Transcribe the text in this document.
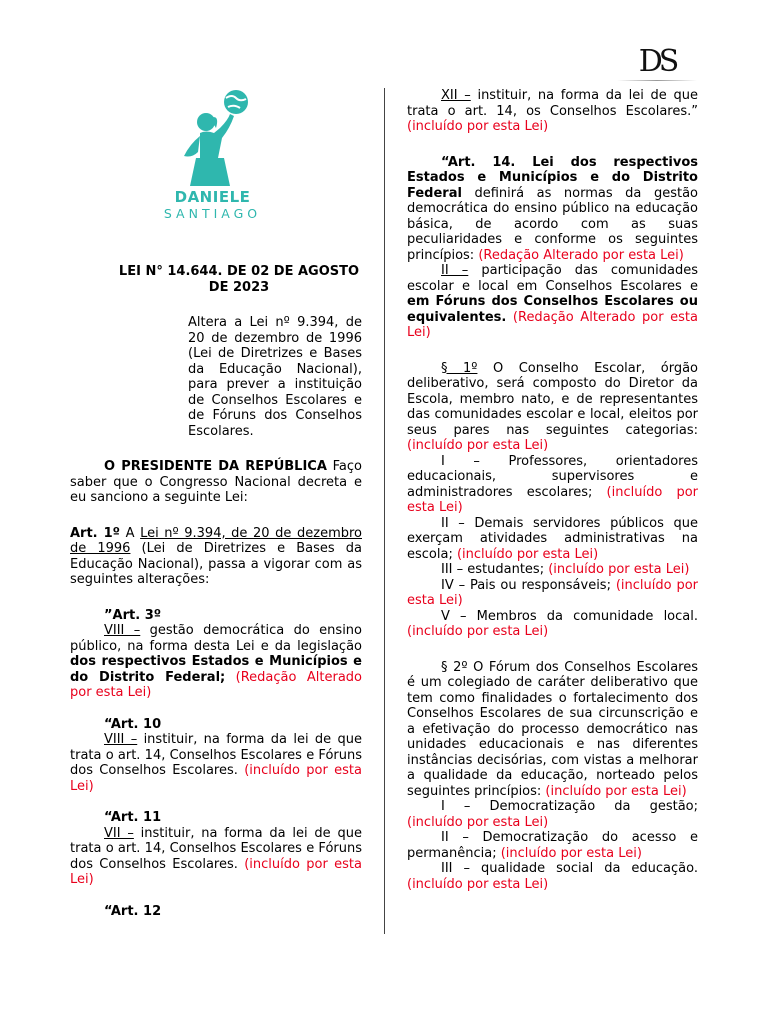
DS
DANIELE
SANTIAGO

LEI N° 14.644. DE 02 DE AGOSTO DE 2023

Altera a Lei nº 9.394, de 20 de dezembro de 1996 (Lei de Diretrizes e Bases da Educação Nacional), para prever a instituição de Conselhos Escolares e de Fóruns dos Conselhos Escolares.

O PRESIDENTE DA REPÚBLICA Faço saber que o Congresso Nacional decreta e eu sanciono a seguinte Lei:

Art. 1º A Lei nº 9.394, de 20 de dezembro de 1996 (Lei de Diretrizes e Bases da Educação Nacional), passa a vigorar com as seguintes alterações:

”Art. 3º

VIII – gestão democrática do ensino público, na forma desta Lei e da legislação dos respectivos Estados e Municípios e do Distrito Federal; (Redação Alterado por esta Lei)

“Art. 10

VIII – instituir, na forma da lei de que trata o art. 14, Conselhos Escolares e Fóruns dos Conselhos Escolares. (incluído por esta Lei)

“Art. 11

VII – instituir, na forma da lei de que trata o art. 14, Conselhos Escolares e Fóruns dos Conselhos Escolares. (incluído por esta Lei)

“Art. 12

XII – instituir, na forma da lei de que trata o art. 14, os Conselhos Escolares.” (incluído por esta Lei)

“Art. 14. Lei dos respectivos Estados e Municípios e do Distrito Federal definirá as normas da gestão democrática do ensino público na educação básica, de acordo com as suas peculiaridades e conforme os seguintes princípios: (Redação Alterado por esta Lei)

II – participação das comunidades escolar e local em Conselhos Escolares e em Fóruns dos Conselhos Escolares ou equivalentes. (Redação Alterado por esta Lei)

§ 1º O Conselho Escolar, órgão deliberativo, será composto do Diretor da Escola, membro nato, e de representantes das comunidades escolar e local, eleitos por seus pares nas seguintes categorias: (incluído por esta Lei)

I – Professores, orientadores educacionais, supervisores e administradores escolares; (incluído por esta Lei)

II – Demais servidores públicos que exerçam atividades administrativas na escola; (incluído por esta Lei)

III – estudantes; (incluído por esta Lei)

IV – Pais ou responsáveis; (incluído por esta Lei)

V – Membros da comunidade local. (incluído por esta Lei)

§ 2º O Fórum dos Conselhos Escolares é um colegiado de caráter deliberativo que tem como finalidades o fortalecimento dos Conselhos Escolares de sua circunscrição e a efetivação do processo democrático nas unidades educacionais e nas diferentes instâncias decisórias, com vistas a melhorar a qualidade da educação, norteado pelos seguintes princípios: (incluído por esta Lei)

I – Democratização da gestão; (incluído por esta Lei)

II – Democratização do acesso e permanência; (incluído por esta Lei)

III – qualidade social da educação. (incluído por esta Lei)
